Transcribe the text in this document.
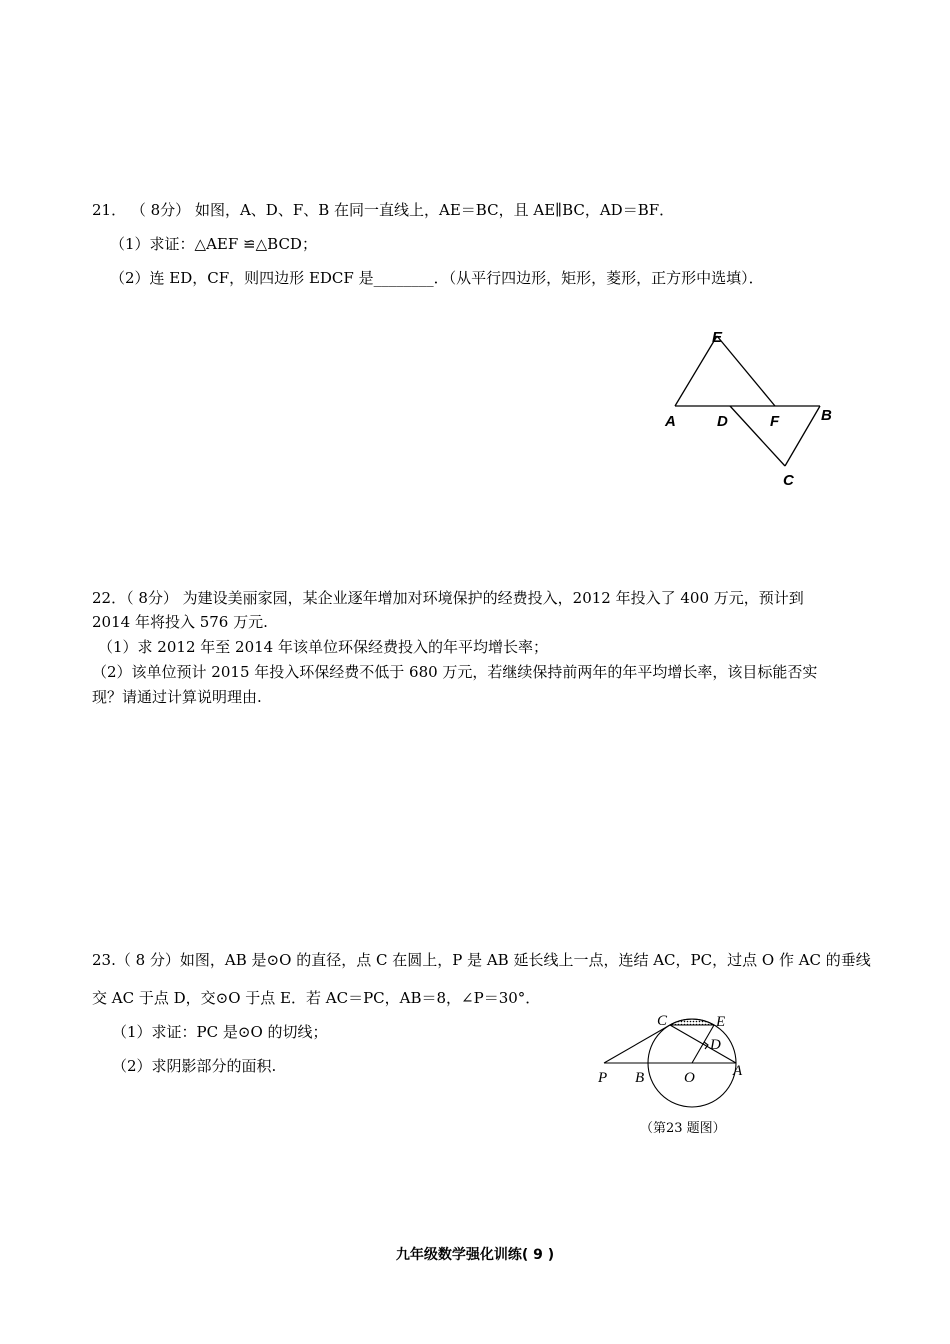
21． （ 8分） 如图，A、D、F、B 在同一直线上，AE＝BC，且 AE∥BC，AD＝BF．
（1）求证：△AEF ≌△BCD；
（2）连 ED，CF，则四边形 EDCF 是________．（从平行四边形，矩形，菱形，正方形中选填）．
E
A	D	F	B
C
22．（ 8分） 为建设美丽家园，某企业逐年增加对环境保护的经费投入，2012 年投入了 400 万元，预计到
2014 年将投入 576 万元.
（1）求 2012 年至 2014 年该单位环保经费投入的年平均增长率；
（2）该单位预计 2015 年投入环保经费不低于 680 万元，若继续保持前两年的年平均增长率，该目标能否实
现？请通过计算说明理由.
23.（ 8 分）如图，AB 是⊙O 的直径，点 C 在圆上，P 是 AB 延长线上一点，连结 AC，PC，过点 O 作 AC 的垂线
交 AC 于点 D，交⊙O 于点 E．若 AC＝PC，AB＝8，∠P＝30°．
（1）求证：PC 是⊙O 的切线；
（2）求阴影部分的面积.
C	E
D
P B	O	A
（第23 题图）
九年级数学强化训练( 9 )
